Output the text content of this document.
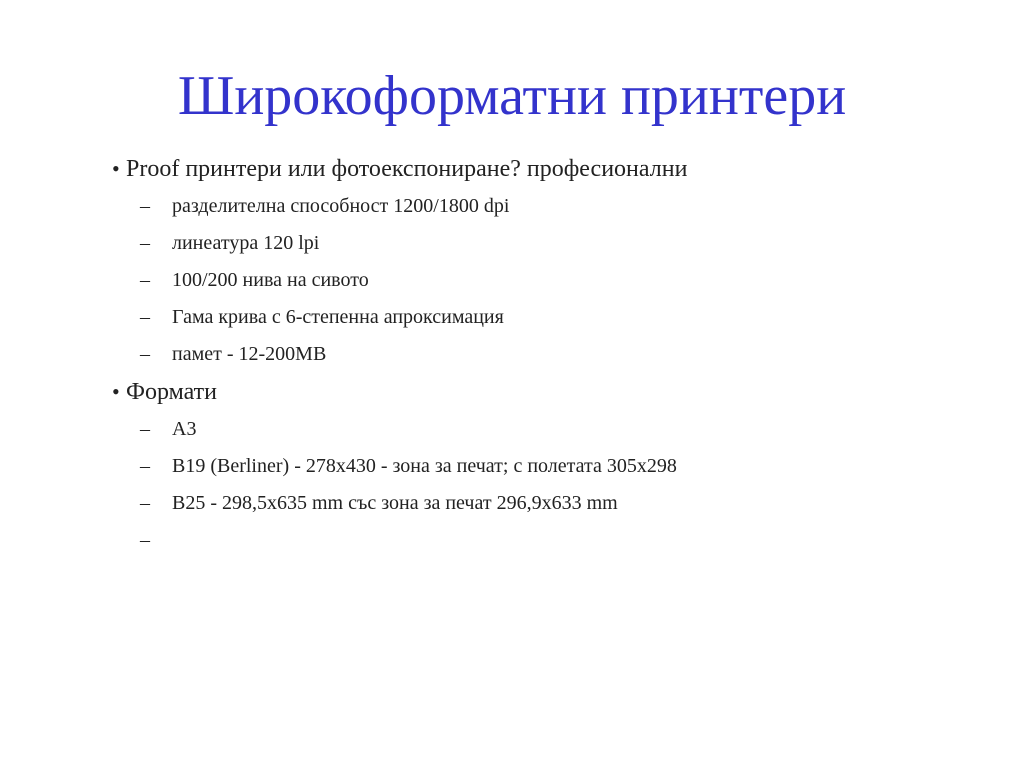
Широкоформатни принтери
• Proof принтери или фотоекспониране? професионални
– разделителна способност 1200/1800 dpi
– линеатура 120 lpi
– 100/200 нива на сивото
– Гама крива с 6-степенна апроксимация
– памет - 12-200MB
• Формати
– A3
– B19 (Berliner) - 278x430 - зона за печат; с полетата 305x298
– B25 - 298,5x635 mm със зона за печат 296,9x633 mm
–
